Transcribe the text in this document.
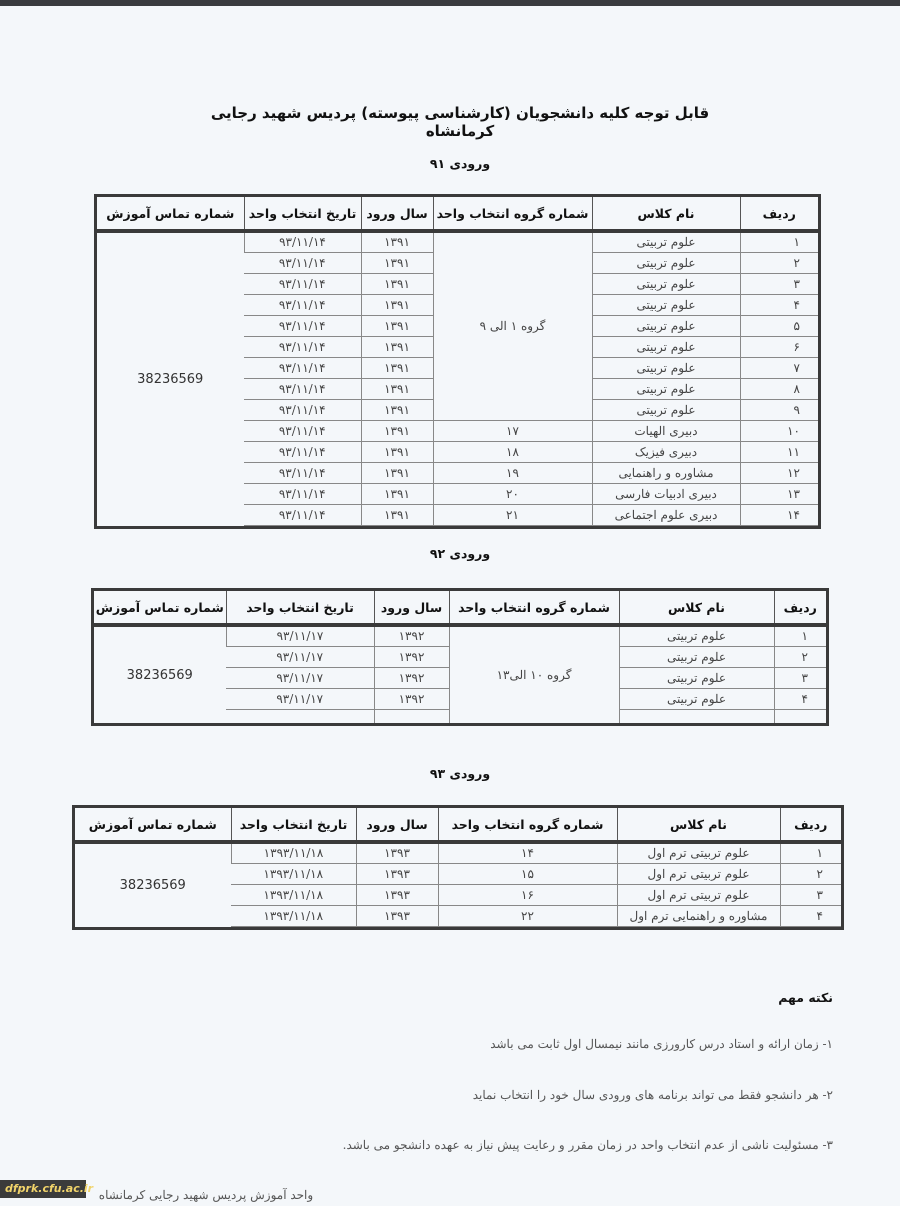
قابل توجه کلیه دانشجویان (کارشناسی پیوسته) پردیس شهید رجایی کرمانشاه
ورودی ۹۱
ردیف	نام کلاس	شماره گروه انتخاب واحد	سال ورود	تاریخ انتخاب واحد	شماره تماس آموزش
۱	علوم تربیتی	گروه ۱ الی ۹	۱۳۹۱	۹۳/۱۱/۱۴	38236569
۲	علوم تربیتی		۱۳۹۱	۹۳/۱۱/۱۴	
۳	علوم تربیتی		۱۳۹۱	۹۳/۱۱/۱۴	
۴	علوم تربیتی		۱۳۹۱	۹۳/۱۱/۱۴	
۵	علوم تربیتی		۱۳۹۱	۹۳/۱۱/۱۴	
۶	علوم تربیتی		۱۳۹۱	۹۳/۱۱/۱۴	
۷	علوم تربیتی		۱۳۹۱	۹۳/۱۱/۱۴	
۸	علوم تربیتی		۱۳۹۱	۹۳/۱۱/۱۴	
۹	علوم تربیتی		۱۳۹۱	۹۳/۱۱/۱۴	
۱۰	دبیری الهیات	۱۷	۱۳۹۱	۹۳/۱۱/۱۴	
۱۱	دبیری فیزیک	۱۸	۱۳۹۱	۹۳/۱۱/۱۴	
۱۲	مشاوره و راهنمایی	۱۹	۱۳۹۱	۹۳/۱۱/۱۴	
۱۳	دبیری ادبیات فارسی	۲۰	۱۳۹۱	۹۳/۱۱/۱۴	
۱۴	دبیری علوم اجتماعی	۲۱	۱۳۹۱	۹۳/۱۱/۱۴	
ورودی ۹۲
ردیف	نام کلاس	شماره گروه انتخاب واحد	سال ورود	تاریخ انتخاب واحد	شماره تماس آموزش
۱	علوم تربیتی	گروه ۱۰ الی۱۳	۱۳۹۲	۹۳/۱۱/۱۷	38236569
۲	علوم تربیتی		۱۳۹۲	۹۳/۱۱/۱۷	
۳	علوم تربیتی		۱۳۹۲	۹۳/۱۱/۱۷	
۴	علوم تربیتی		۱۳۹۲	۹۳/۱۱/۱۷	

ورودی ۹۳
ردیف	نام کلاس	شماره گروه انتخاب واحد	سال ورود	تاریخ انتخاب واحد	شماره تماس آموزش
۱	علوم تربیتی ترم اول	۱۴	۱۳۹۳	۱۳۹۳/۱۱/۱۸	38236569
۲	علوم تربیتی ترم اول	۱۵	۱۳۹۳	۱۳۹۳/۱۱/۱۸	
۳	علوم تربیتی ترم اول	۱۶	۱۳۹۳	۱۳۹۳/۱۱/۱۸	
۴	مشاوره و راهنمایی ترم اول	۲۲	۱۳۹۳	۱۳۹۳/۱۱/۱۸	
نکته مهم
۱- زمان ارائه و استاد درس کارورزی مانند نیمسال اول ثابت می باشد
۲- هر دانشجو فقط می تواند برنامه های ورودی سال خود را انتخاب نماید
۳- مسئولیت ناشی از عدم انتخاب واحد در زمان مقرر و رعایت پیش نیاز به عهده دانشجو می باشد.
واحد آموزش پردیس شهید رجایی کرمانشاه
dfprk.cfu.ac.ir
